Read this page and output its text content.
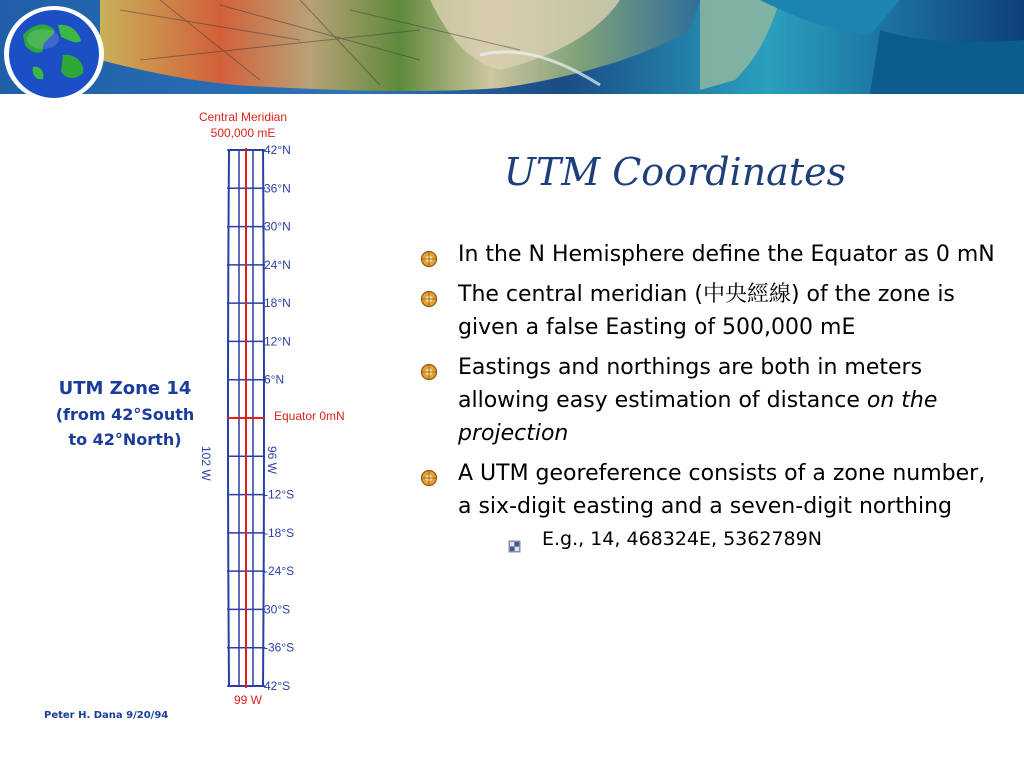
Central Meridian
500,000 mE
42°N
36°N
30°N
24°N
18°N
12°N
6°N
-12°S
-18°S
-24°S
30°S
-36°S
42°S
Equator 0mN
102 W	96 W
99 W
UTM Zone 14
(from 42°South
to 42°North)
Peter H. Dana 9/20/94
UTM Coordinates
In the N Hemisphere define the Equator as 0 mN
The central meridian (中央經線) of the zone is given a false Easting of 500,000 mE
Eastings and northings are both in meters allowing easy estimation of distance on the projection
A UTM georeference consists of a zone number, a six-digit easting and a seven-digit northing
E.g., 14, 468324E, 5362789N
